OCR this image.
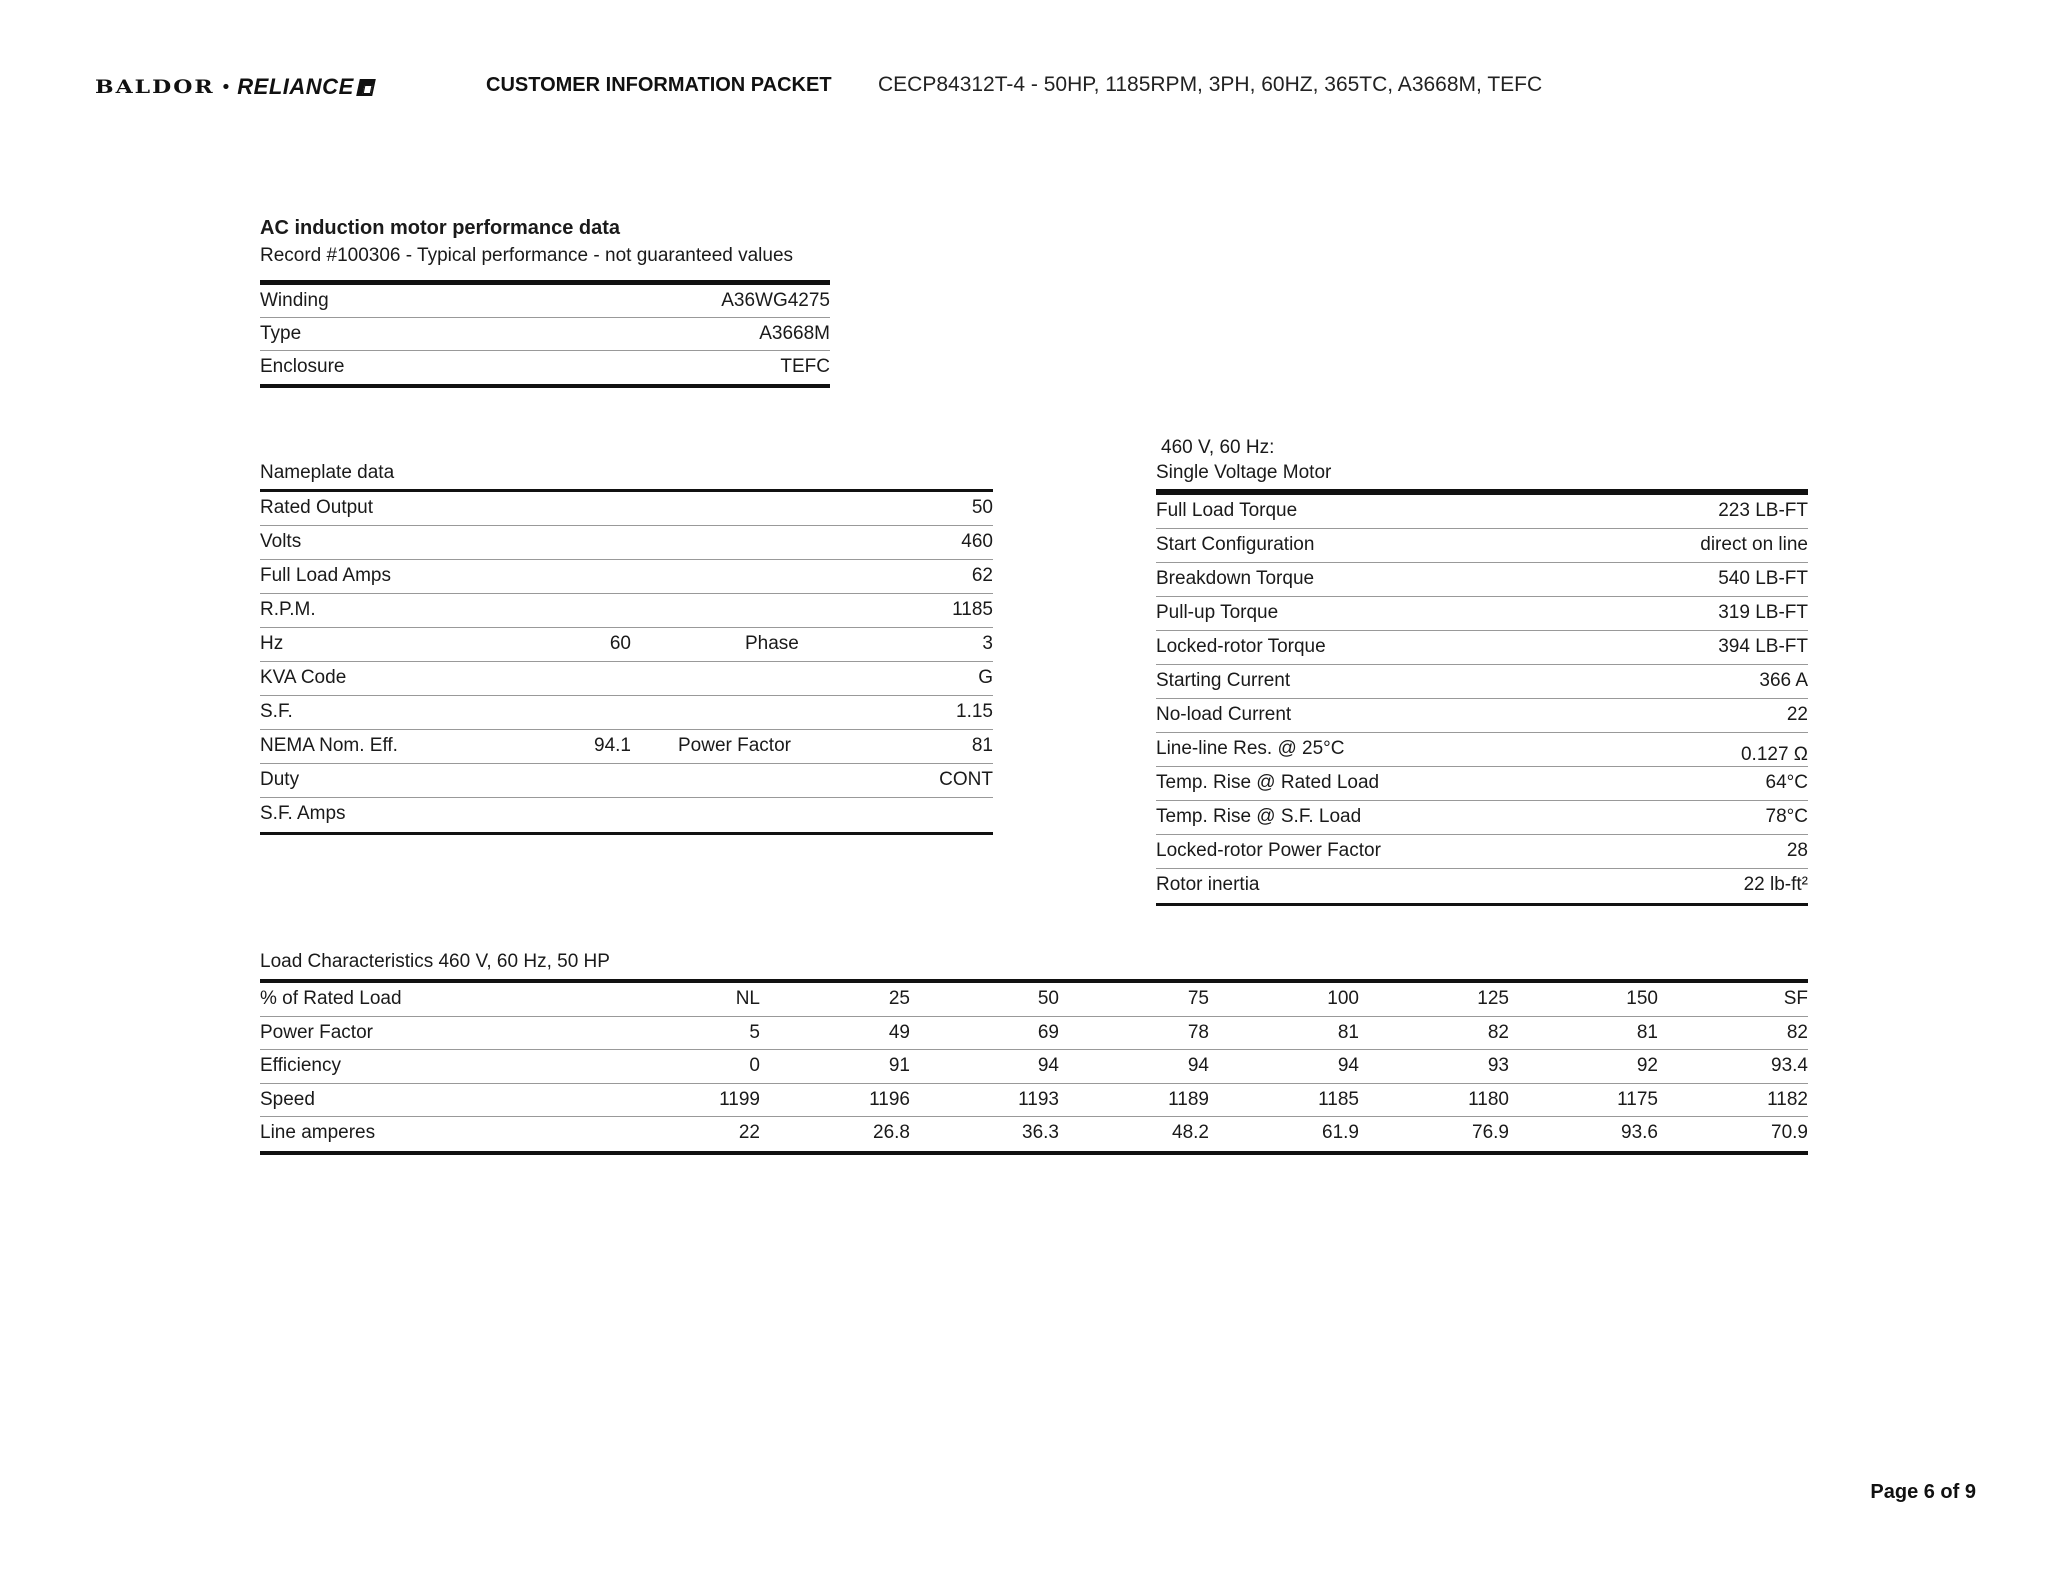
BALDOR • RELIANCE	CUSTOMER INFORMATION PACKET CECP84312T-4 - 50HP, 1185RPM, 3PH, 60HZ, 365TC, A3668M, TEFC
AC induction motor performance data
Record #100306 - Typical performance - not guaranteed values
Winding	A36WG4275
Type	A3668M
Enclosure	TEFC
Nameplate data
Rated Output	50
Volts	460
Full Load Amps	62
R.P.M.	1185
Hz	60	Phase	3
KVA Code	G
S.F.	1.15
NEMA Nom. Eff.	94.1 Power Factor	81
Duty	CONT
S.F. Amps
460 V, 60 Hz:
Single Voltage Motor
Full Load Torque	223 LB-FT
Start Configuration	direct on line
Breakdown Torque	540 LB-FT
Pull-up Torque	319 LB-FT
Locked-rotor Torque	394 LB-FT
Starting Current	366 A
No-load Current	22
Line-line Res. @ 25°C	0.127 Ω
Temp. Rise @ Rated Load	64°C
Temp. Rise @ S.F. Load	78°C
Locked-rotor Power Factor	28
Rotor inertia	22 lb-ft²
Load Characteristics 460 V, 60 Hz, 50 HP
% of Rated Load	NL	25	50	75	100	125	150	SF
Power Factor	5	49	69	78	81	82	81	82
Efficiency	0	91	94	94	94	93	92	93.4
Speed	1199	1196	1193	1189	1185	1180	1175	1182
Line amperes	22	26.8	36.3	48.2	61.9	76.9	93.6	70.9
Page 6 of 9
